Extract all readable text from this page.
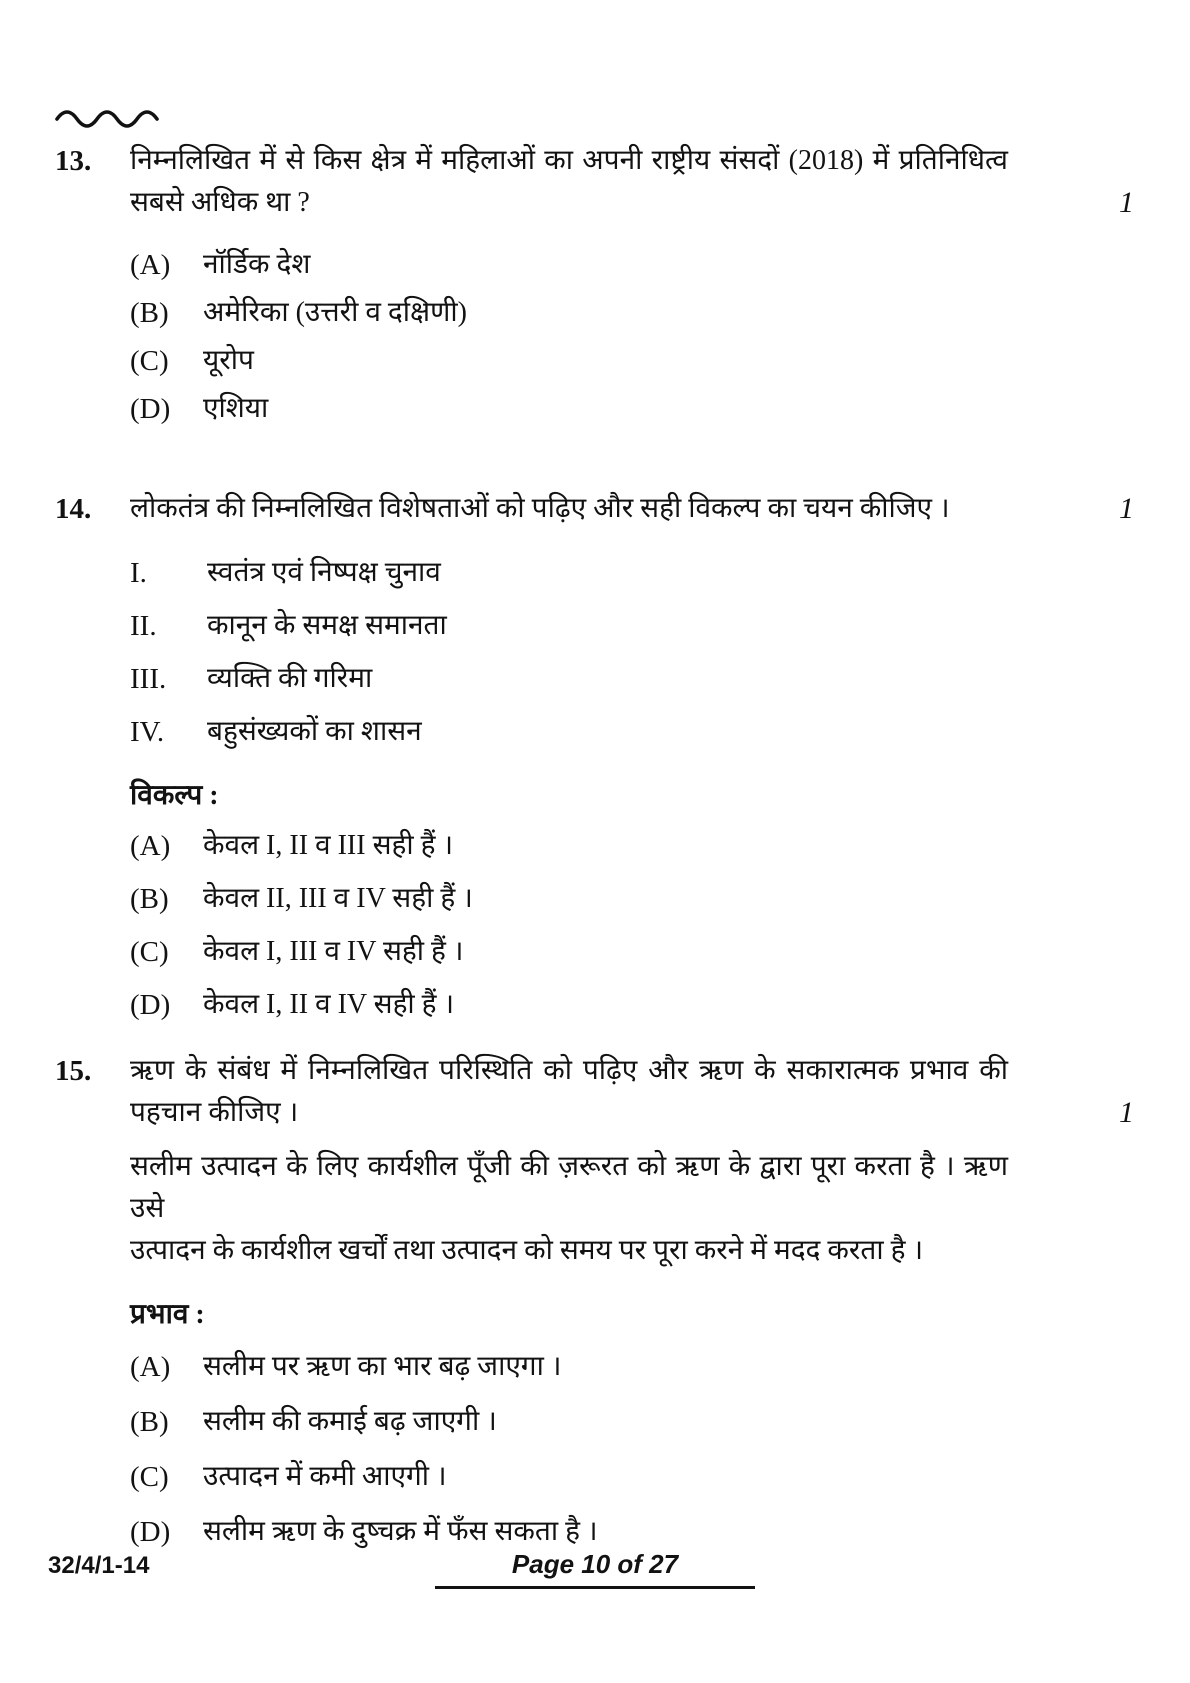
13.
1
निम्नलिखित में से किस क्षेत्र में महिलाओं का अपनी राष्ट्रीय संसदों (2018) में प्रतिनिधित्व
सबसे अधिक था ?
(A)	नॉर्डिक देश
(B)	अमेरिका (उत्तरी व दक्षिणी)
(C)	यूरोप
(D)	एशिया
14.	1
लोकतंत्र की निम्नलिखित विशेषताओं को पढ़िए और सही विकल्प का चयन कीजिए ।
I.	स्वतंत्र एवं निष्पक्ष चुनाव
II.	कानून के समक्ष समानता
III.	व्यक्ति की गरिमा
IV.	बहुसंख्यकों का शासन
विकल्प :
(A)	केवल I, II व III सही हैं ।
(B)	केवल II, III व IV सही हैं ।
(C)	केवल I, III व IV सही हैं ।
(D)	केवल I, II व IV सही हैं ।
15.
1
ऋण के संबंध में निम्नलिखित परिस्थिति को पढ़िए और ऋण के सकारात्मक प्रभाव की
पहचान कीजिए ।
सलीम उत्पादन के लिए कार्यशील पूँजी की ज़रूरत को ऋण के द्वारा पूरा करता है । ऋण उसे
उत्पादन के कार्यशील खर्चों तथा उत्पादन को समय पर पूरा करने में मदद करता है ।
प्रभाव :
(A)	सलीम पर ऋण का भार बढ़ जाएगा ।
(B)	सलीम की कमाई बढ़ जाएगी ।
(C)	उत्पादन में कमी आएगी ।
(D)	सलीम ऋण के दुष्चक्र में फँस सकता है ।
32/4/1-14	Page 10 of 27
